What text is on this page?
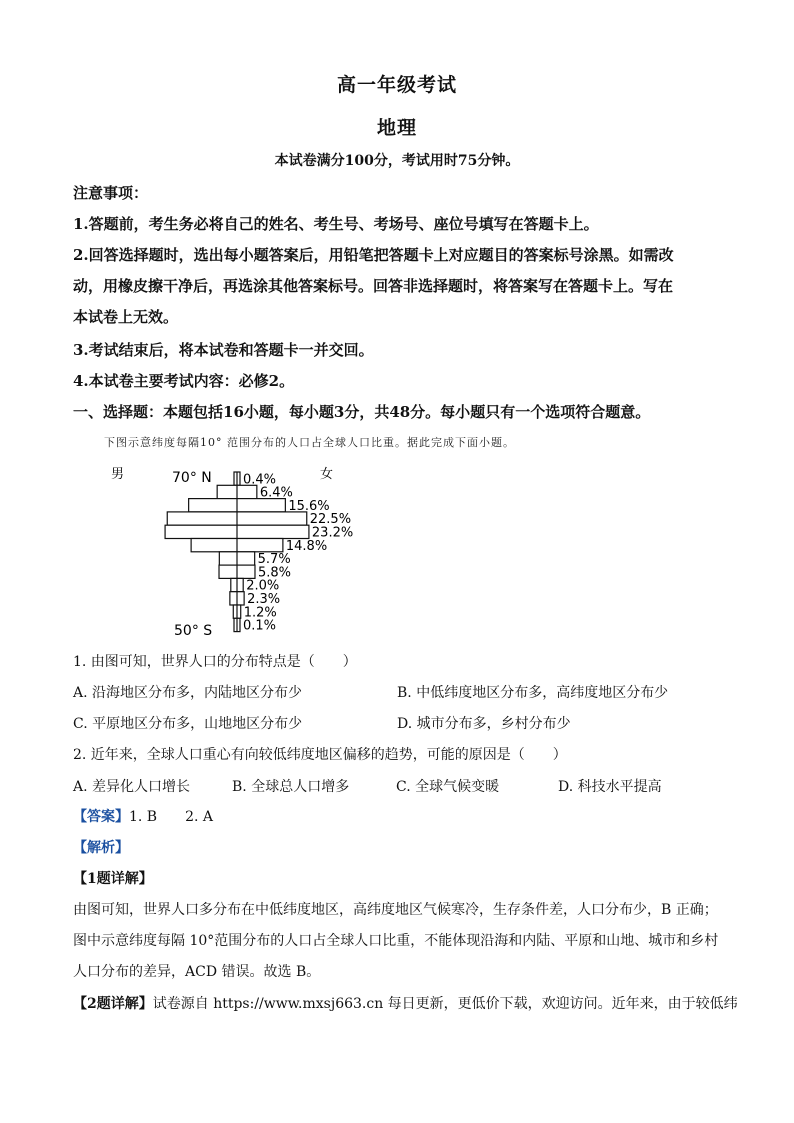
高一年级考试
地理
本试卷满分100分，考试用时75分钟。
注意事项：
1.答题前，考生务必将自己的姓名、考生号、考场号、座位号填写在答题卡上。
2.回答选择题时，选出每小题答案后，用铅笔把答题卡上对应题目的答案标号涂黑。如需改
动，用橡皮擦干净后，再选涂其他答案标号。回答非选择题时，将答案写在答题卡上。写在
本试卷上无效。
3.考试结束后，将本试卷和答题卡一并交回。
4.本试卷主要考试内容：必修2。
一、选择题：本题包括16小题，每小题3分，共48分。每小题只有一个选项符合题意。
下图示意纬度每隔10° 范围分布的人口占全球人口比重。据此完成下面小题。
男	女
70° N
50° S
0.4%
6.4%
15.6%
22.5%
23.2%
14.8%
5.7%
5.8%
2.0%
2.3%
1.2%
0.1%
1. 由图可知，世界人口的分布特点是（　　）
A. 沿海地区分布多，内陆地区分布少	B. 中低纬度地区分布多，高纬度地区分布少
C. 平原地区分布多，山地地区分布少	D. 城市分布多，乡村分布少
2. 近年来，全球人口重心有向较低纬度地区偏移的趋势，可能的原因是（　　）
A. 差异化人口增长	B. 全球总人口增多	C. 全球气候变暖	D. 科技水平提高
【答案】1. B　　2. A
【解析】
【1题详解】
由图可知，世界人口多分布在中低纬度地区，高纬度地区气候寒冷，生存条件差，人口分布少，B 正确；
图中示意纬度每隔 10°范围分布的人口占全球人口比重，不能体现沿海和内陆、平原和山地、城市和乡村
人口分布的差异，ACD 错误。故选 B。
【2题详解】试卷源自 https://www.mxsj663.cn 每日更新，更低价下载，欢迎访问。近年来，由于较低纬
